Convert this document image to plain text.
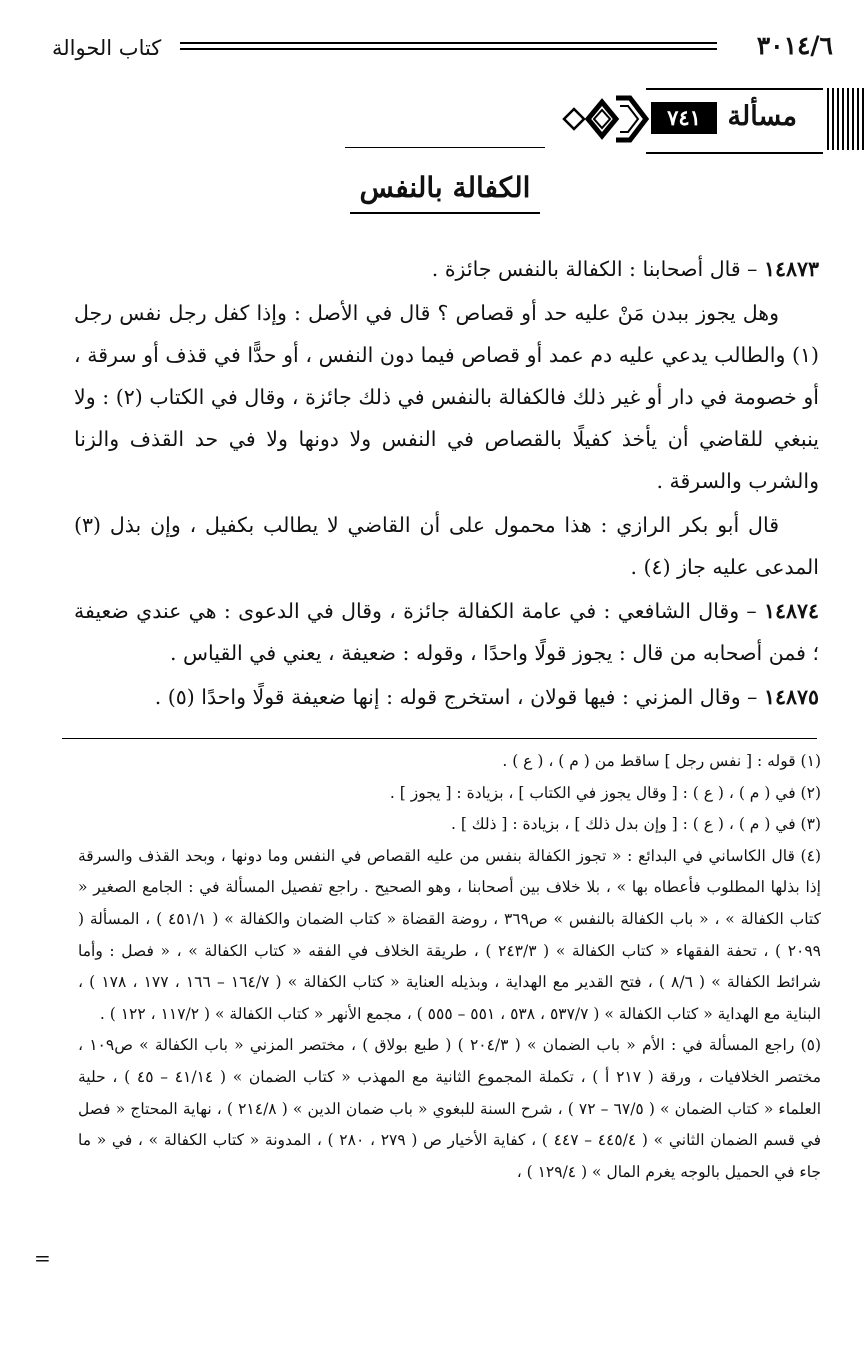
٣٠١٤/٦
كتاب الحوالة
مسألة
٧٤١
الكفالة بالنفس

١٤٨٧٣ – قال أصحابنا : الكفالة بالنفس جائزة .

وهل يجوز ببدن مَنْ عليه حد أو قصاص ؟ قال في الأصل : وإذا كفل رجل نفس رجل (١) والطالب يدعي عليه دم عمد أو قصاص فيما دون النفس ، أو حدًّا في قذف أو سرقة ، أو خصومة في دار أو غير ذلك فالكفالة بالنفس في ذلك جائزة ، وقال في الكتاب (٢) : ولا ينبغي للقاضي أن يأخذ كفيلًا بالقصاص في النفس ولا دونها ولا في حد القذف والزنا والشرب والسرقة .

قال أبو بكر الرازي : هذا محمول على أن القاضي لا يطالب بكفيل ، وإن بذل (٣) المدعى عليه جاز (٤) .

١٤٨٧٤ – وقال الشافعي : في عامة الكفالة جائزة ، وقال في الدعوى : هي عندي ضعيفة ؛ فمن أصحابه من قال : يجوز قولًا واحدًا ، وقوله : ضعيفة ، يعني في القياس .

١٤٨٧٥ – وقال المزني : فيها قولان ، استخرج قوله : إنها ضعيفة قولًا واحدًا (٥) .

(١) قوله : [ نفس رجل ] ساقط من ( م ) ، ( ع ) .

(٢) في ( م ) ، ( ع ) : [ وقال يجوز في الكتاب ] ، بزيادة : [ يجوز ] .

(٣) في ( م ) ، ( ع ) : [ وإن بدل ذلك ] ، بزيادة : [ ذلك ] .

(٤) قال الكاساني في البدائع : « تجوز الكفالة بنفس من عليه القصاص في النفس وما دونها ، وبحد القذف والسرقة إذا بذلها المطلوب فأعطاه بها » ، بلا خلاف بين أصحابنا ، وهو الصحيح . راجع تفصيل المسألة في : الجامع الصغير « كتاب الكفالة » ، « باب الكفالة بالنفس » ص٣٦٩ ، روضة القضاة « كتاب الضمان والكفالة » ( ٤٥١/١ ) ، المسألة ( ٢٠٩٩ ) ، تحفة الفقهاء « كتاب الكفالة » ( ٢٤٣/٣ ) ، طريقة الخلاف في الفقه « كتاب الكفالة » ، « فصل : وأما شرائط الكفالة » ( ٨/٦ ) ، فتح القدير مع الهداية ، وبذيله العناية « كتاب الكفالة » ( ١٦٤/٧ – ١٦٦ ، ١٧٧ ، ١٧٨ ) ، البناية مع الهداية « كتاب الكفالة » ( ٥٣٧/٧ ، ٥٣٨ ، ٥٥١ – ٥٥٥ ) ، مجمع الأنهر « كتاب الكفالة » ( ١١٧/٢ ، ١٢٢ ) .

(٥) راجع المسألة في : الأم « باب الضمان » ( ٢٠٤/٣ ) ( طبع بولاق ) ، مختصر المزني « باب الكفالة » ص١٠٩ ، مختصر الخلافيات ، ورقة ( ٢١٧ أ ) ، تكملة المجموع الثانية مع المهذب « كتاب الضمان » ( ٤١/١٤ – ٤٥ ) ، حلية العلماء « كتاب الضمان » ( ٦٧/٥ – ٧٢ ) ، شرح السنة للبغوي « باب ضمان الدين » ( ٢١٤/٨ ) ، نهاية المحتاج « فصل في قسم الضمان الثاني » ( ٤٤٥/٤ – ٤٤٧ ) ، كفاية الأخيار ص ( ٢٧٩ ، ٢٨٠ ) ، المدونة « كتاب الكفالة » ، في « ما جاء في الحميل بالوجه يغرم المال » ( ١٢٩/٤ ) ،

=
